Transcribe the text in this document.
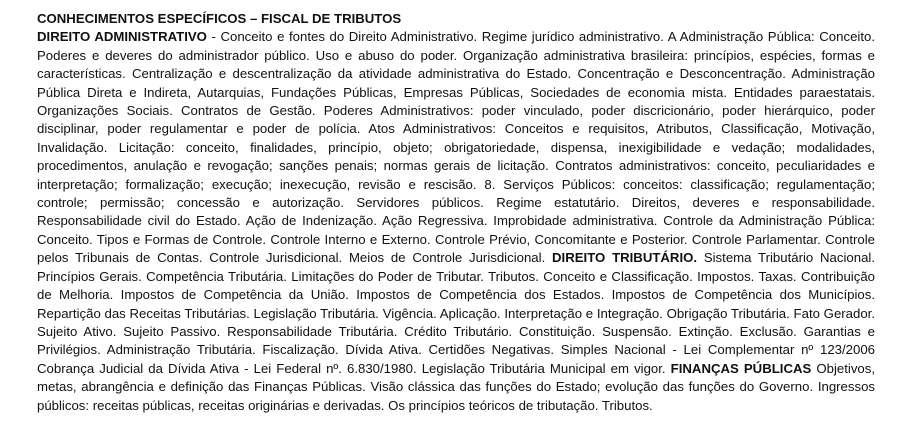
CONHECIMENTOS ESPECÍFICOS – FISCAL DE TRIBUTOS

DIREITO ADMINISTRATIVO - Conceito e fontes do Direito Administrativo. Regime jurídico administrativo. A Administração Pública: Conceito. Poderes e deveres do administrador público. Uso e abuso do poder. Organização administrativa brasileira: princípios, espécies, formas e características. Centralização e descentralização da atividade administrativa do Estado. Concentração e Desconcentração. Administração Pública Direta e Indireta, Autarquias, Fundações Públicas, Empresas Públicas, Sociedades de economia mista. Entidades paraestatais. Organizações Sociais. Contratos de Gestão. Poderes Administrativos: poder vinculado, poder discricionário, poder hierárquico, poder disciplinar, poder regulamentar e poder de polícia. Atos Administrativos: Conceitos e requisitos, Atributos, Classificação, Motivação, Invalidação. Licitação: conceito, finalidades, princípio, objeto; obrigatoriedade, dispensa, inexigibilidade e vedação; modalidades, procedimentos, anulação e revogação; sanções penais; normas gerais de licitação. Contratos administrativos: conceito, peculiaridades e interpretação; formalização; execução; inexecução, revisão e rescisão. 8. Serviços Públicos: conceitos: classificação; regulamentação; controle; permissão; concessão e autorização. Servidores públicos. Regime estatutário. Direitos, deveres e responsabilidade. Responsabilidade civil do Estado. Ação de Indenização. Ação Regressiva. Improbidade administrativa. Controle da Administração Pública: Conceito. Tipos e Formas de Controle. Controle Interno e Externo. Controle Prévio, Concomitante e Posterior. Controle Parlamentar. Controle pelos Tribunais de Contas. Controle Jurisdicional. Meios de Controle Jurisdicional. DIREITO TRIBUTÁRIO. Sistema Tributário Nacional. Princípios Gerais. Competência Tributária. Limitações do Poder de Tributar. Tributos. Conceito e Classificação. Impostos. Taxas. Contribuição de Melhoria. Impostos de Competência da União. Impostos de Competência dos Estados. Impostos de Competência dos Municípios. Repartição das Receitas Tributárias. Legislação Tributária. Vigência. Aplicação. Interpretação e Integração. Obrigação Tributária. Fato Gerador. Sujeito Ativo. Sujeito Passivo. Responsabilidade Tributária. Crédito Tributário. Constituição. Suspensão. Extinção. Exclusão. Garantias e Privilégios. Administração Tributária. Fiscalização. Dívida Ativa. Certidões Negativas. Simples Nacional - Lei Complementar nº 123/2006 Cobrança Judicial da Dívida Ativa - Lei Federal nº. 6.830/1980. Legislação Tributária Municipal em vigor. FINANÇAS PÚBLICAS Objetivos, metas, abrangência e definição das Finanças Públicas. Visão clássica das funções do Estado; evolução das funções do Governo. Ingressos públicos: receitas públicas, receitas originárias e derivadas. Os princípios teóricos de tributação. Tributos.
